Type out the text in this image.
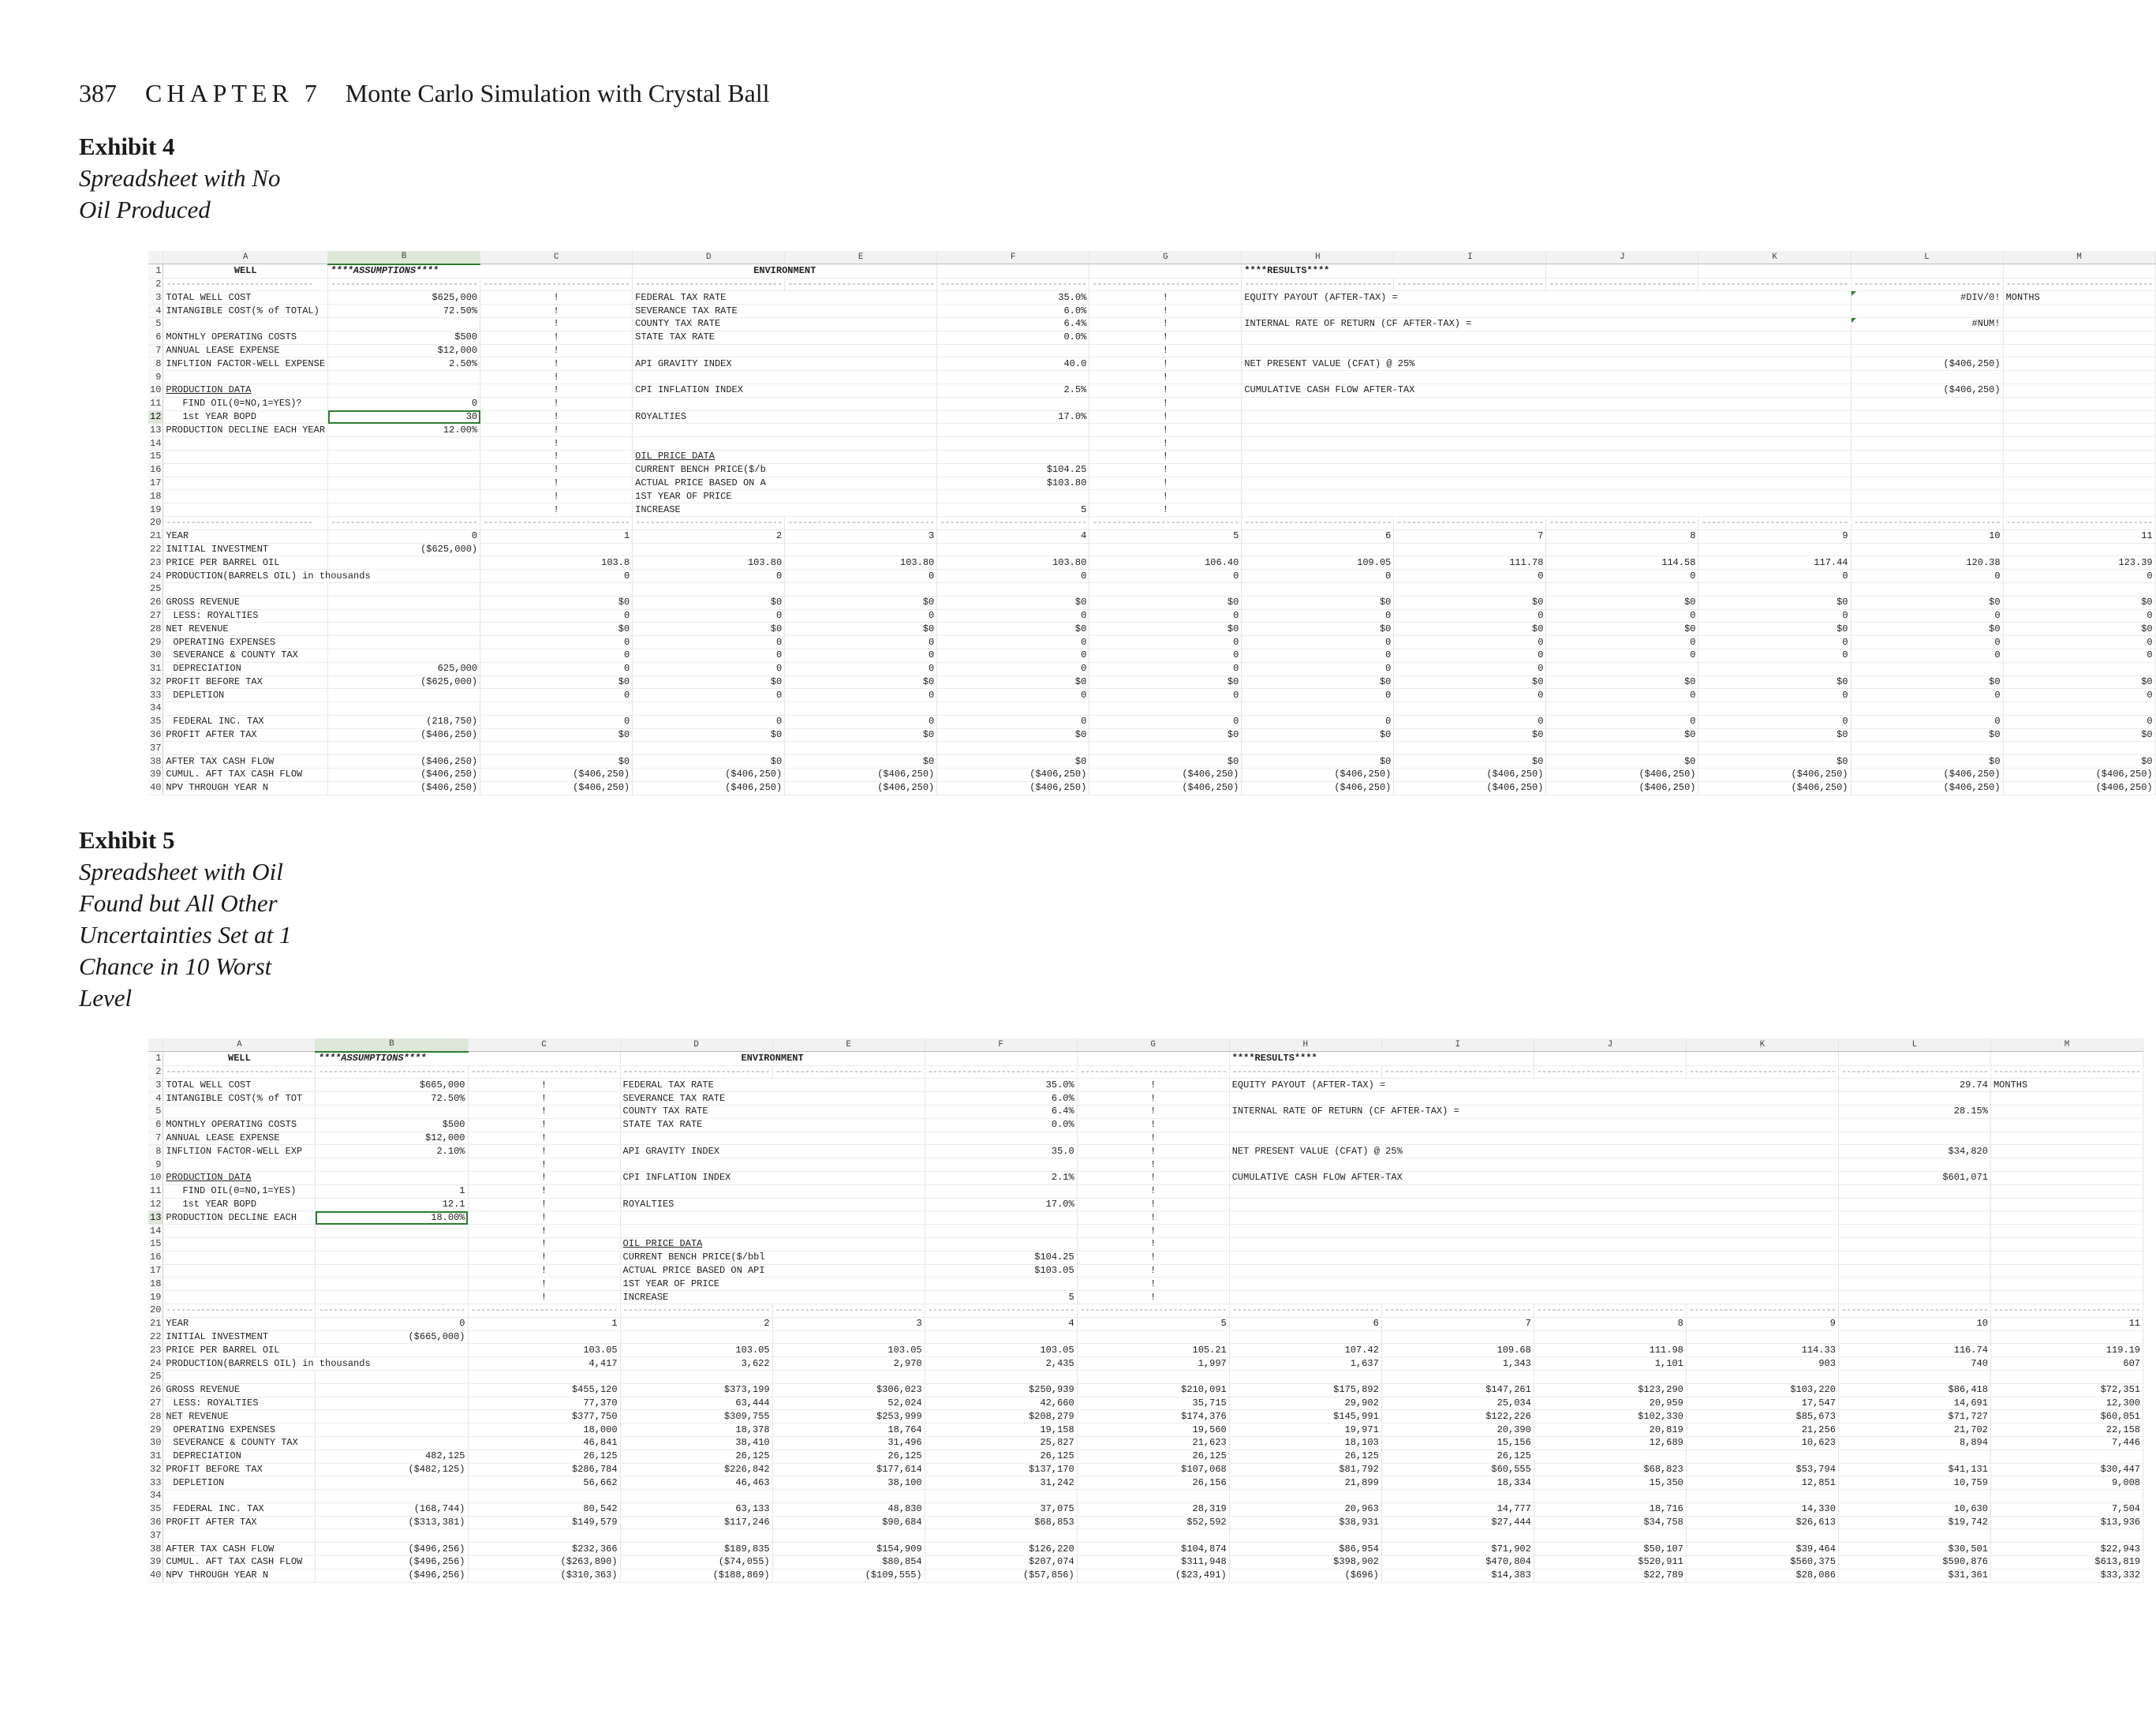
387 CHAPTER 7 Monte Carlo Simulation with Crystal Ball
Exhibit 4
Spreadsheet with No
Oil Produced
	A	B	C	D	E	F	G	H	I	J	K	L	M
1	WELL	****ASSUMPTIONS****		ENVIRONMENT				****RESULTS****					
2	------------------------------	------------------------------	------------------------------	------------------------------	------------------------------	------------------------------	------------------------------	------------------------------	------------------------------	------------------------------	------------------------------	------------------------------	------------------------------
3	TOTAL WELL COST	$625,000	!	FEDERAL TAX RATE		35.0%	!	EQUITY PAYOUT (AFTER-TAX) =				#DIV/0!	MONTHS
4	INTANGIBLE COST(% of TOTAL)	72.50%	!	SEVERANCE TAX RATE		6.0%	!						
5			!	COUNTY TAX RATE		6.4%	!	INTERNAL RATE OF RETURN (CF AFTER-TAX) =				#NUM!	
6	MONTHLY OPERATING COSTS	$500	!	STATE TAX RATE		0.0%	!						
7	ANNUAL LEASE EXPENSE	$12,000	!				!						
8	INFLTION FACTOR-WELL EXPENSE	2.50%	!	API GRAVITY INDEX		40.0	!	NET PRESENT VALUE (CFAT) @ 25%				($406,250)	
9			!				!						
10	PRODUCTION DATA		!	CPI INFLATION INDEX		2.5%	!	CUMULATIVE CASH FLOW AFTER-TAX				($406,250)	
11	FIND OIL(0=NO,1=YES)?	0	!				!						
12	1st YEAR BOPD	30	!	ROYALTIES		17.0%	!						
13	PRODUCTION DECLINE EACH YEAR	12.00%	!				!						
14			!				!						
15			!	OIL PRICE DATA			!						
16			!	CURRENT BENCH PRICE($/b		$104.25	!						
17			!	ACTUAL PRICE BASED ON A		$103.80	!						
18			!	1ST YEAR OF PRICE			!						
19			!	INCREASE		5	!						
20	------------------------------	------------------------------	------------------------------	------------------------------	------------------------------	------------------------------	------------------------------	------------------------------	------------------------------	------------------------------	------------------------------	------------------------------	------------------------------
21	YEAR	0	1	2	3	4	5	6	7	8	9	10	11
22	INITIAL INVESTMENT	($625,000)											
23	PRICE PER BARREL OIL		103.8	103.80	103.80	103.80	106.40	109.05	111.78	114.58	117.44	120.38	123.39
24	PRODUCTION(BARRELS OIL) in thousands		0	0	0	0	0	0	0	0	0	0	0
25													
26	GROSS REVENUE		$0	$0	$0	$0	$0	$0	$0	$0	$0	$0	$0
27	LESS: ROYALTIES		0	0	0	0	0	0	0	0	0	0	0
28	NET REVENUE		$0	$0	$0	$0	$0	$0	$0	$0	$0	$0	$0
29	OPERATING EXPENSES		0	0	0	0	0	0	0	0	0	0	0
30	SEVERANCE & COUNTY TAX		0	0	0	0	0	0	0	0	0	0	0
31	DEPRECIATION	625,000	0	0	0	0	0	0	0				
32	PROFIT BEFORE TAX	($625,000)	$0	$0	$0	$0	$0	$0	$0	$0	$0	$0	$0
33	DEPLETION		0	0	0	0	0	0	0	0	0	0	0
34													
35	FEDERAL INC. TAX	(218,750)	0	0	0	0	0	0	0	0	0	0	0
36	PROFIT AFTER TAX	($406,250)	$0	$0	$0	$0	$0	$0	$0	$0	$0	$0	$0
37													
38	AFTER TAX CASH FLOW	($406,250)	$0	$0	$0	$0	$0	$0	$0	$0	$0	$0	$0
39	CUMUL. AFT TAX CASH FLOW	($406,250)	($406,250)	($406,250)	($406,250)	($406,250)	($406,250)	($406,250)	($406,250)	($406,250)	($406,250)	($406,250)	($406,250)
40	NPV THROUGH YEAR N	($406,250)	($406,250)	($406,250)	($406,250)	($406,250)	($406,250)	($406,250)	($406,250)	($406,250)	($406,250)	($406,250)	($406,250)
Exhibit 5
Spreadsheet with Oil
Found but All Other
Uncertainties Set at 1
Chance in 10 Worst
Level
	A	B	C	D	E	F	G	H	I	J	K	L	M
1	WELL	****ASSUMPTIONS****		ENVIRONMENT				****RESULTS****					
2	------------------------------	------------------------------	------------------------------	------------------------------	------------------------------	------------------------------	------------------------------	------------------------------	------------------------------	------------------------------	------------------------------	------------------------------	------------------------------
3	TOTAL WELL COST	$665,000	!	FEDERAL TAX RATE		35.0%	!	EQUITY PAYOUT (AFTER-TAX) =				29.74	MONTHS
4	INTANGIBLE COST(% of TOT	72.50%	!	SEVERANCE TAX RATE		6.0%	!						
5			!	COUNTY TAX RATE		6.4%	!	INTERNAL RATE OF RETURN (CF AFTER-TAX) =				28.15%	
6	MONTHLY OPERATING COSTS	$500	!	STATE TAX RATE		0.0%	!						
7	ANNUAL LEASE EXPENSE	$12,000	!				!						
8	INFLTION FACTOR-WELL EXP	2.10%	!	API GRAVITY INDEX		35.0	!	NET PRESENT VALUE (CFAT) @ 25%				$34,820	
9			!				!						
10	PRODUCTION DATA		!	CPI INFLATION INDEX		2.1%	!	CUMULATIVE CASH FLOW AFTER-TAX				$601,071	
11	FIND OIL(0=NO,1=YES)	1	!				!						
12	1st YEAR BOPD	12.1	!	ROYALTIES		17.0%	!						
13	PRODUCTION DECLINE EACH	18.00%	!				!						
14			!				!						
15			!	OIL PRICE DATA			!						
16			!	CURRENT BENCH PRICE($/bbl		$104.25	!						
17			!	ACTUAL PRICE BASED ON API		$103.05	!						
18			!	1ST YEAR OF PRICE			!						
19			!	INCREASE		5	!						
20	------------------------------	------------------------------	------------------------------	------------------------------	------------------------------	------------------------------	------------------------------	------------------------------	------------------------------	------------------------------	------------------------------	------------------------------	------------------------------
21	YEAR	0	1	2	3	4	5	6	7	8	9	10	11
22	INITIAL INVESTMENT	($665,000)											
23	PRICE PER BARREL OIL		103.05	103.05	103.05	103.05	105.21	107.42	109.68	111.98	114.33	116.74	119.19
24	PRODUCTION(BARRELS OIL) in thousands		4,417	3,622	2,970	2,435	1,997	1,637	1,343	1,101	903	740	607
25													
26	GROSS REVENUE		$455,120	$373,199	$306,023	$250,939	$210,091	$175,892	$147,261	$123,290	$103,220	$86,418	$72,351
27	LESS: ROYALTIES		77,370	63,444	52,024	42,660	35,715	29,902	25,034	20,959	17,547	14,691	12,300
28	NET REVENUE		$377,750	$309,755	$253,999	$208,279	$174,376	$145,991	$122,226	$102,330	$85,673	$71,727	$60,051
29	OPERATING EXPENSES		18,000	18,378	18,764	19,158	19,560	19,971	20,390	20,819	21,256	21,702	22,158
30	SEVERANCE & COUNTY TAX		46,841	38,410	31,496	25,827	21,623	18,103	15,156	12,689	10,623	8,894	7,446
31	DEPRECIATION	482,125	26,125	26,125	26,125	26,125	26,125	26,125	26,125				
32	PROFIT BEFORE TAX	($482,125)	$286,784	$226,842	$177,614	$137,170	$107,068	$81,792	$60,555	$68,823	$53,794	$41,131	$30,447
33	DEPLETION		56,662	46,463	38,100	31,242	26,156	21,899	18,334	15,350	12,851	10,759	9,008
34													
35	FEDERAL INC. TAX	(168,744)	80,542	63,133	48,830	37,075	28,319	20,963	14,777	18,716	14,330	10,630	7,504
36	PROFIT AFTER TAX	($313,381)	$149,579	$117,246	$90,684	$68,853	$52,592	$38,931	$27,444	$34,758	$26,613	$19,742	$13,936
37													
38	AFTER TAX CASH FLOW	($496,256)	$232,366	$189,835	$154,909	$126,220	$104,874	$86,954	$71,902	$50,107	$39,464	$30,501	$22,943
39	CUMUL. AFT TAX CASH FLOW	($496,256)	($263,890)	($74,055)	$80,854	$207,074	$311,948	$398,902	$470,804	$520,911	$560,375	$590,876	$613,819
40	NPV THROUGH YEAR N	($496,256)	($310,363)	($188,869)	($109,555)	($57,856)	($23,491)	($696)	$14,383	$22,789	$28,086	$31,361	$33,332
